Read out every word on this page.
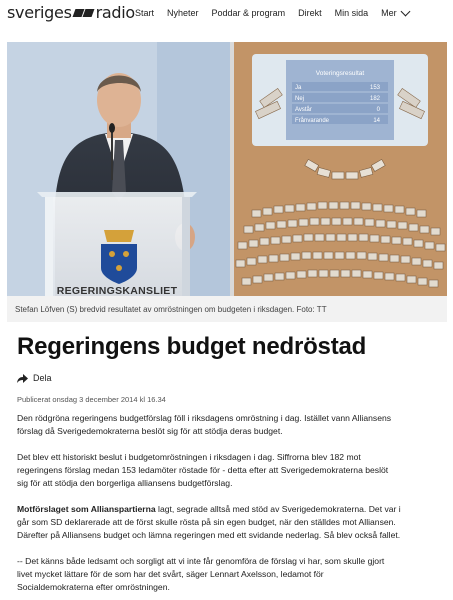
sveriges radio Start Nyheter Poddar & program Direkt Min sida Mer
REGERINGSKANSLIET
Voteringsresultat
Ja	153
Nej	182
Avstår	0
Frånvarande	14
Stefan Löfven (S) bredvid resultatet av omröstningen om budgeten i riksdagen. Foto: TT
Regeringens budget nedröstad
Dela
Publicerat onsdag 3 december 2014 kl 16.34
Den rödgröna regeringens budgetförslag föll i riksdagens omröstning i dag. Istället vann Alliansens
förslag då Sverigedemokraterna beslöt sig för att stödja deras budget.
Det blev ett historiskt beslut i budgetomröstningen i riksdagen i dag. Siffrorna blev 182 mot
regeringens förslag medan 153 ledamöter röstade för - detta efter att Sverigedemokraterna beslöt
sig för att stödja den borgerliga alliansens budgetförslag.
Motförslaget som Allianspartierna lagt, segrade alltså med stöd av Sverigedemokraterna. Det var i
går som SD deklarerade att de först skulle rösta på sin egen budget, när den ställdes mot Alliansen.
Därefter på Alliansens budget och lämna regeringen med ett svidande nederlag. Så blev också fallet.
-- Det känns både ledsamt och sorgligt att vi inte får genomföra de förslag vi har, som skulle gjort
livet mycket lättare för de som har det svårt, säger Lennart Axelsson, ledamot för
Socialdemokraterna efter omröstningen.
